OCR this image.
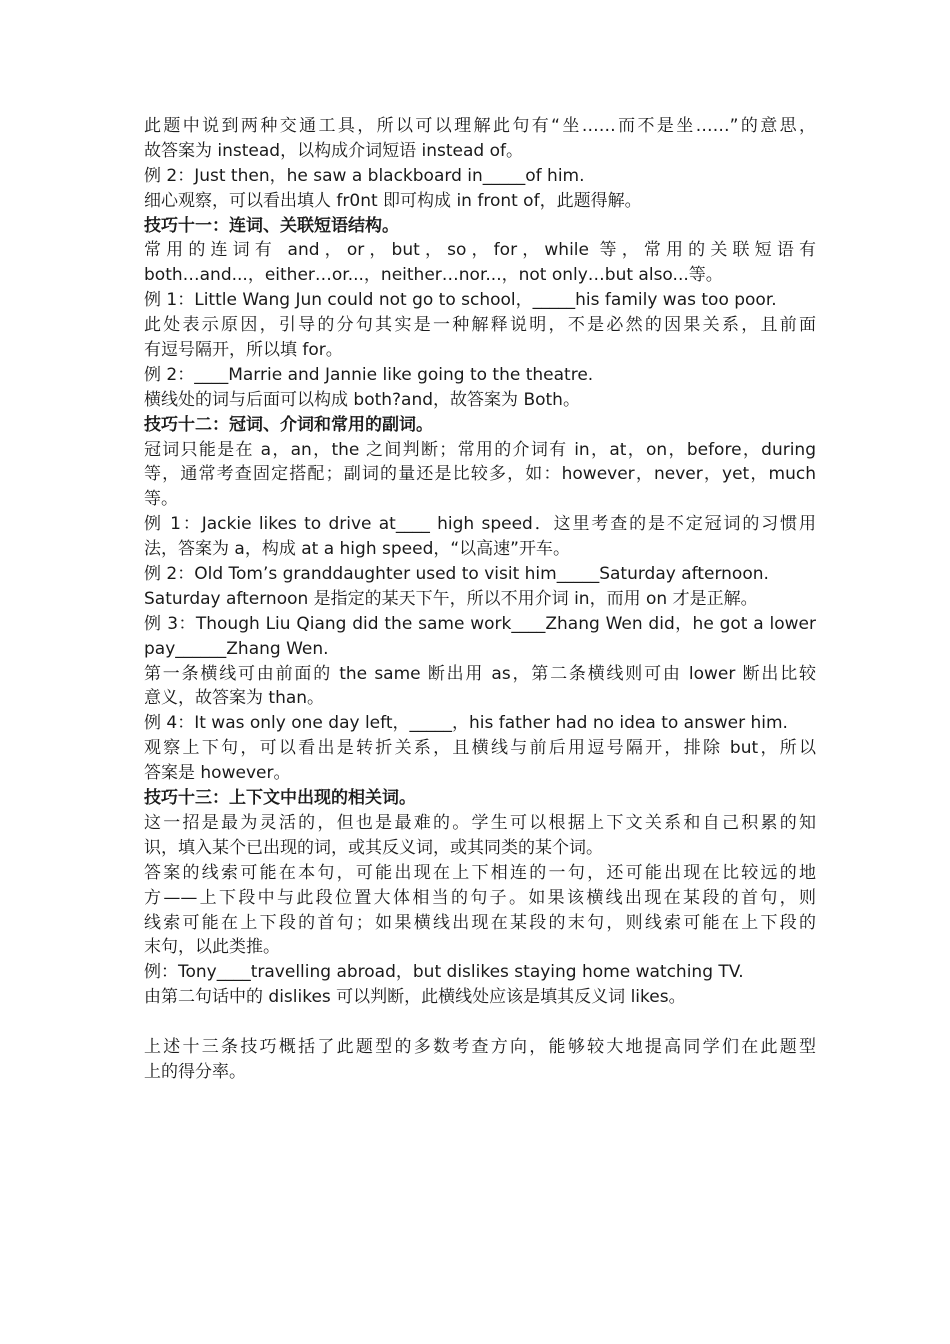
此题中说到两种交通工具，所以可以理解此句有“坐……而不是坐……”的意思，
故答案为 instead，以构成介词短语 instead of。
例 2：Just then，he saw a blackboard in_____of him.
细心观察，可以看出填人 fr0nt 即可构成 in front of，此题得解。
技巧十一：连词、关联短语结构。
常用的连词有 and，or，but，so，for，while 等，常用的关联短语有
both…and...，either…or...，neither…nor...，not only…but also...等。
例 1：Little Wang Jun could not go to school，_____his family was too poor.
此处表示原因，引导的分句其实是一种解释说明，不是必然的因果关系，且前面
有逗号隔开，所以填 for。
例 2：____Marrie and Jannie like going to the theatre.
横线处的词与后面可以构成 both?and，故答案为 Both。
技巧十二：冠词、介词和常用的副词。
冠词只能是在 a，an，the 之间判断；常用的介词有 in，at，on，before，during
等，通常考查固定搭配；副词的量还是比较多，如：however，never，yet，much
等。
例 1：Jackie likes to drive at____ high speed．这里考查的是不定冠词的习惯用
法，答案为 a，构成 at a high speed，“以高速”开车。
例 2：Old Tom’s granddaughter used to visit him_____Saturday afternoon.
Saturday afternoon 是指定的某天下午，所以不用介词 in，而用 on 才是正解。
例 3：Though Liu Qiang did the same work____Zhang Wen did，he got a lower
pay______Zhang Wen.
第一条横线可由前面的 the same 断出用 as，第二条横线则可由 lower 断出比较
意义，故答案为 than。
例 4：It was only one day left，_____，his father had no idea to answer him.
观察上下句，可以看出是转折关系，且横线与前后用逗号隔开，排除 but，所以
答案是 however。
技巧十三：上下文中出现的相关词。
这一招是最为灵活的，但也是最难的。学生可以根据上下文关系和自己积累的知
识，填入某个已出现的词，或其反义词，或其同类的某个词。
答案的线索可能在本句，可能出现在上下相连的一句，还可能出现在比较远的地
方——上下段中与此段位置大体相当的句子。如果该横线出现在某段的首句，则
线索可能在上下段的首句；如果横线出现在某段的末句，则线索可能在上下段的
末句，以此类推。
例：Tony____travelling abroad，but dislikes staying home watching TV.
由第二句话中的 dislikes 可以判断，此横线处应该是填其反义词 likes。
上述十三条技巧概括了此题型的多数考查方向，能够较大地提高同学们在此题型
上的得分率。
